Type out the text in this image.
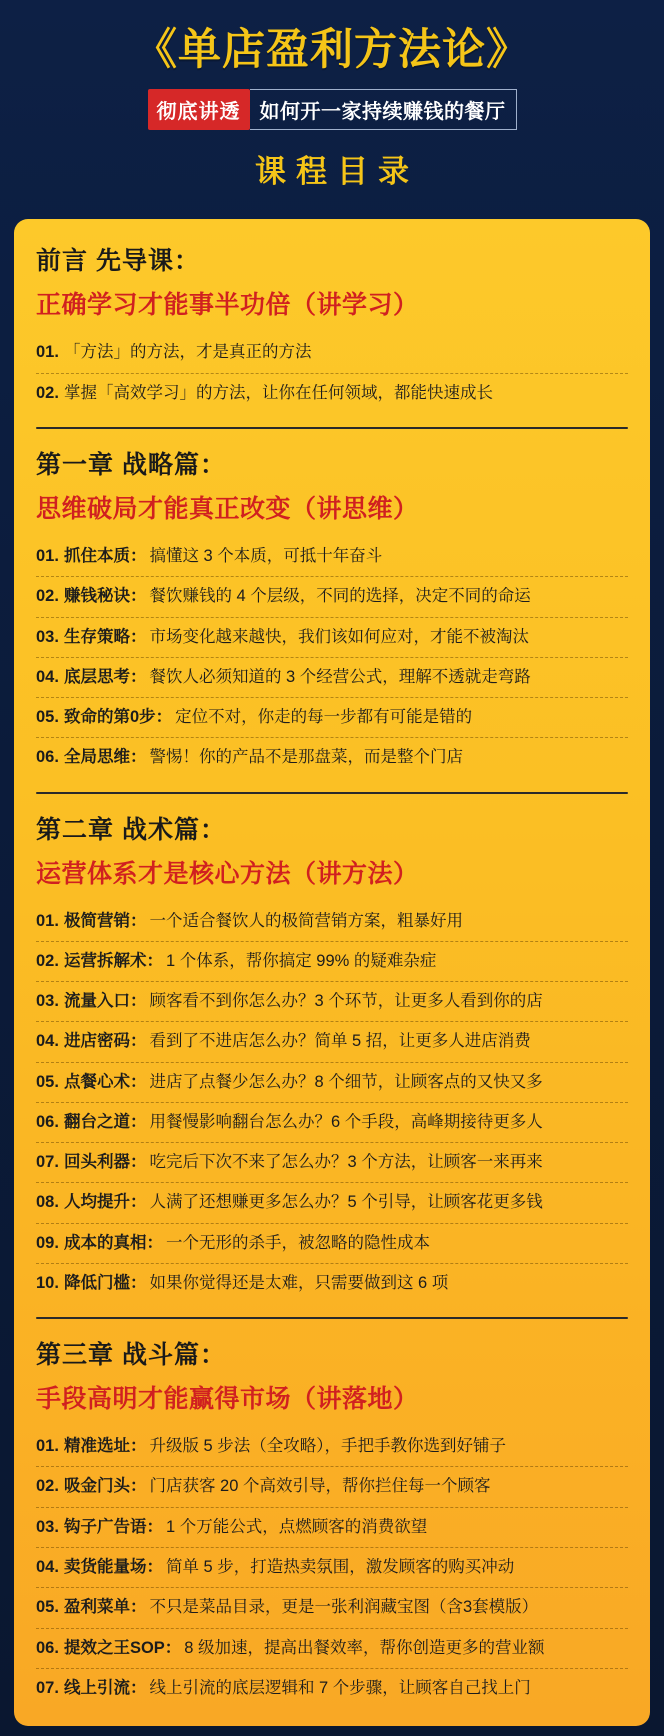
《单店盈利方法论》
彻底讲透 如何开一家持续赚钱的餐厅
课程目录
前言 先导课：
正确学习才能事半功倍（讲学习）
01. 「方法」的方法，才是真正的方法
02. 掌握「高效学习」的方法，让你在任何领域，都能快速成长
第一章 战略篇：
思维破局才能真正改变（讲思维）
01. 抓住本质： 搞懂这 3 个本质，可抵十年奋斗
02. 赚钱秘诀： 餐饮赚钱的 4 个层级，不同的选择，决定不同的命运
03. 生存策略： 市场变化越来越快，我们该如何应对，才能不被淘汰
04. 底层思考： 餐饮人必须知道的 3 个经营公式，理解不透就走弯路
05. 致命的第0步： 定位不对，你走的每一步都有可能是错的
06. 全局思维： 警惕！你的产品不是那盘菜，而是整个门店
第二章 战术篇：
运营体系才是核心方法（讲方法）
01. 极简营销： 一个适合餐饮人的极简营销方案，粗暴好用
02. 运营拆解术： 1 个体系，帮你搞定 99% 的疑难杂症
03. 流量入口： 顾客看不到你怎么办？3 个环节，让更多人看到你的店
04. 进店密码： 看到了不进店怎么办？简单 5 招，让更多人进店消费
05. 点餐心术： 进店了点餐少怎么办？8 个细节，让顾客点的又快又多
06. 翻台之道： 用餐慢影响翻台怎么办？6 个手段，高峰期接待更多人
07. 回头利器： 吃完后下次不来了怎么办？3 个方法，让顾客一来再来
08. 人均提升： 人满了还想赚更多怎么办？5 个引导，让顾客花更多钱
09. 成本的真相： 一个无形的杀手，被忽略的隐性成本
10. 降低门槛： 如果你觉得还是太难，只需要做到这 6 项
第三章 战斗篇：
手段高明才能赢得市场（讲落地）
01. 精准选址： 升级版 5 步法（全攻略），手把手教你选到好铺子
02. 吸金门头： 门店获客 20 个高效引导，帮你拦住每一个顾客
03. 钩子广告语： 1 个万能公式，点燃顾客的消费欲望
04. 卖货能量场： 简单 5 步，打造热卖氛围，激发顾客的购买冲动
05. 盈利菜单： 不只是菜品目录，更是一张利润藏宝图（含3套模版）
06. 提效之王SOP： 8 级加速，提高出餐效率，帮你创造更多的营业额
07. 线上引流： 线上引流的底层逻辑和 7 个步骤，让顾客自己找上门
